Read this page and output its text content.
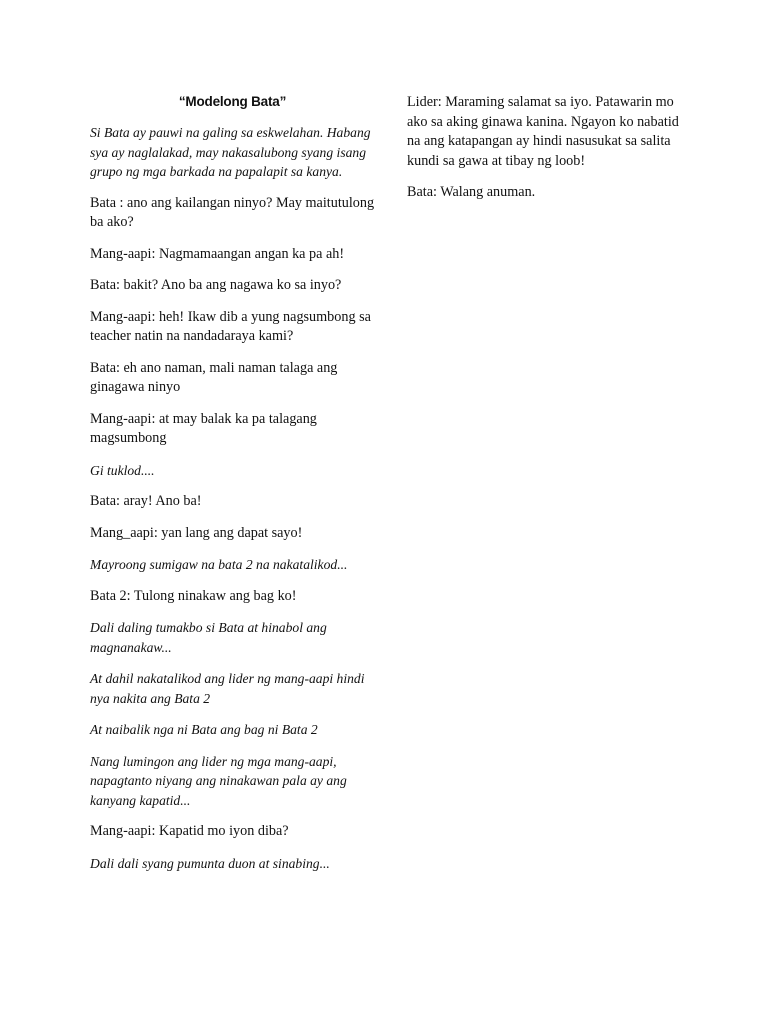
“Modelong Bata”

Si Bata ay pauwi na galing sa eskwelahan. Habang sya ay naglalakad, may nakasalubong syang isang grupo ng mga barkada na papalapit sa kanya.

Bata : ano ang kailangan ninyo? May maitutulong ba ako?

Mang-aapi: Nagmamaangan angan ka pa ah!

Bata: bakit? Ano ba ang nagawa ko sa inyo?

Mang-aapi: heh! Ikaw dib a yung nagsumbong sa teacher natin na nandadaraya kami?

Bata: eh ano naman, mali naman talaga ang ginagawa ninyo

Mang-aapi: at may balak ka pa talagang magsumbong

Gi tuklod....

Bata: aray! Ano ba!

Mang_aapi: yan lang ang dapat sayo!

Mayroong sumigaw na bata 2 na nakatalikod...

Bata 2: Tulong ninakaw ang bag ko!

Dali daling tumakbo si Bata at hinabol ang magnanakaw...

At dahil nakatalikod ang lider ng mang-aapi hindi nya nakita ang Bata 2

At naibalik nga ni Bata ang bag ni Bata 2

Nang lumingon ang lider ng mga mang-aapi, napagtanto niyang ang ninakawan pala ay ang kanyang kapatid...

Mang-aapi: Kapatid mo iyon diba?

Dali dali syang pumunta duon at sinabing...

Lider: Maraming salamat sa iyo. Patawarin mo ako sa aking ginawa kanina. Ngayon ko nabatid na ang katapangan ay hindi nasusukat sa salita kundi sa gawa at tibay ng loob!

Bata: Walang anuman.
